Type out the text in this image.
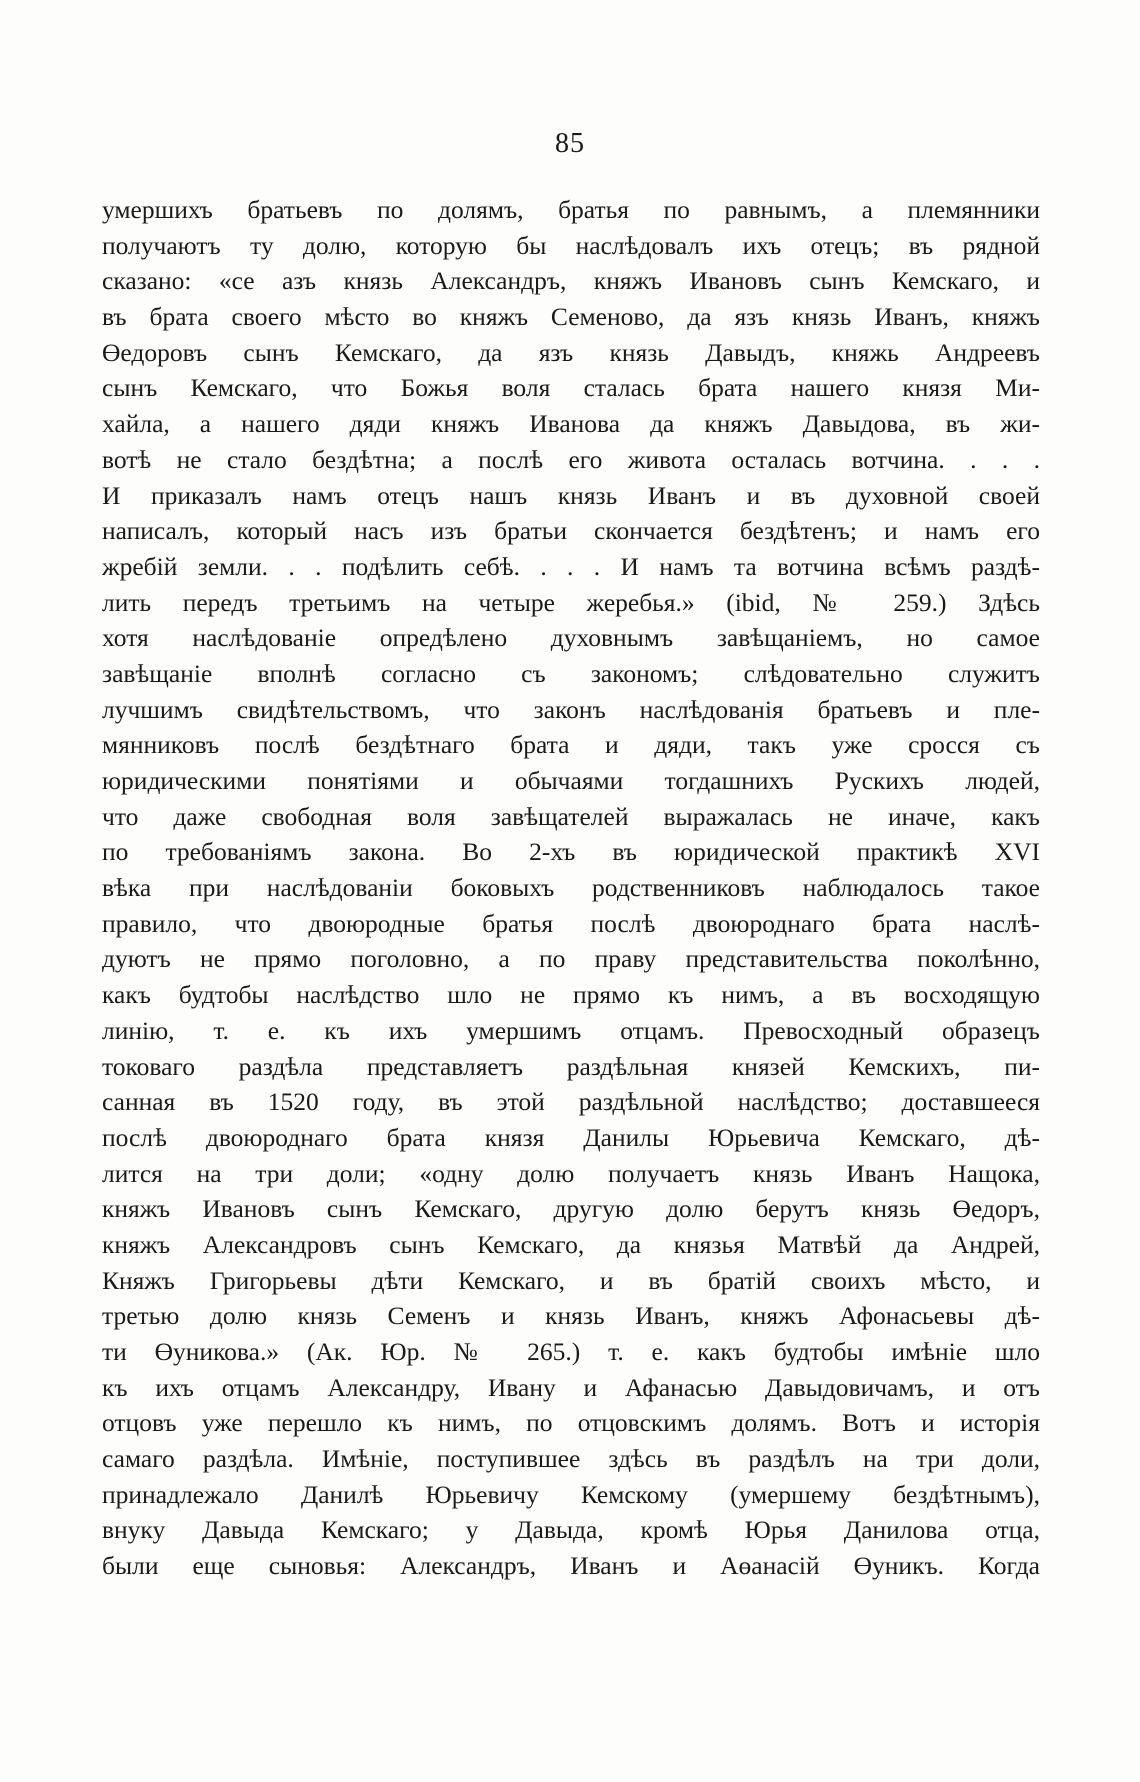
85
умершихъ братьевъ по долямъ, братья по равнымъ, а племянники
получаютъ ту долю, которую бы наслѣдовалъ ихъ отецъ; въ рядной
сказано: «се азъ князь Александръ, княжъ Ивановъ сынъ Кемскаго, и
въ брата своего мѣсто во княжъ Семеново, да язъ князь Иванъ, княжъ
Өедоровъ сынъ Кемскаго, да язъ князь Давыдъ, княжь Андреевъ
сынъ Кемскаго, что Божья воля сталась брата нашего князя Ми-
хайла, а нашего дяди княжъ Иванова да княжъ Давыдова, въ жи-
вотѣ не стало бездѣтна; а послѣ его живота осталась вотчина. . . .
И приказалъ намъ отецъ нашъ князь Иванъ и въ духовной своей
написалъ, который насъ изъ братьи скончается бездѣтенъ; и намъ его
жребій земли. . . подѣлить себѣ. . . . И намъ та вотчина всѣмъ раздѣ-
лить передъ третьимъ на четыре жеребья.» (ibid, № 259.) Здѣсь
хотя наслѣдованіе опредѣлено духовнымъ завѣщаніемъ, но самое
завѣщаніе вполнѣ согласно съ закономъ; слѣдовательно служитъ
лучшимъ свидѣтельствомъ, что законъ наслѣдованія братьевъ и пле-
мянниковъ послѣ бездѣтнаго брата и дяди, такъ уже сросся съ
юридическими понятіями и обычаями тогдашнихъ Рускихъ людей,
что даже свободная воля завѣщателей выражалась не иначе, какъ
по требованіямъ закона. Во 2-хъ въ юридической практикѣ XVI
вѣка при наслѣдованіи боковыхъ родственниковъ наблюдалось такое
правило, что двоюродные братья послѣ двоюроднаго брата наслѣ-
дуютъ не прямо поголовно, а по праву представительства поколѣнно,
какъ будтобы наслѣдство шло не прямо къ нимъ, а въ восходящую
линію, т. е. къ ихъ умершимъ отцамъ. Превосходный образецъ
токоваго раздѣла представляетъ раздѣльная князей Кемскихъ, пи-
санная въ 1520 году, въ этой раздѣльной наслѣдство; доставшееся
послѣ двоюроднаго брата князя Данилы Юрьевича Кемскаго, дѣ-
лится на три доли; «одну долю получаетъ князь Иванъ Нащока,
княжъ Ивановъ сынъ Кемскаго, другую долю берутъ князь Өедоръ,
княжъ Александровъ сынъ Кемскаго, да князья Матвѣй да Андрей,
Княжъ Григорьевы дѣти Кемскаго, и въ братій своихъ мѣсто, и
третью долю князь Семенъ и князь Иванъ, княжъ Афонасьевы дѣ-
ти Өуникова.» (Ак. Юр. № 265.) т. е. какъ будтобы имѣніе шло
къ ихъ отцамъ Александру, Ивану и Афанасью Давыдовичамъ, и отъ
отцовъ уже перешло къ нимъ, по отцовскимъ долямъ. Вотъ и исторія
самаго раздѣла. Имѣніе, поступившее здѣсь въ раздѣлъ на три доли,
принадлежало Данилѣ Юрьевичу Кемскому (умершему бездѣтнымъ),
внуку Давыда Кемскаго; у Давыда, кромѣ Юрья Данилова отца,
были еще сыновья: Александръ, Иванъ и Аөанасій Өуникъ. Когда
